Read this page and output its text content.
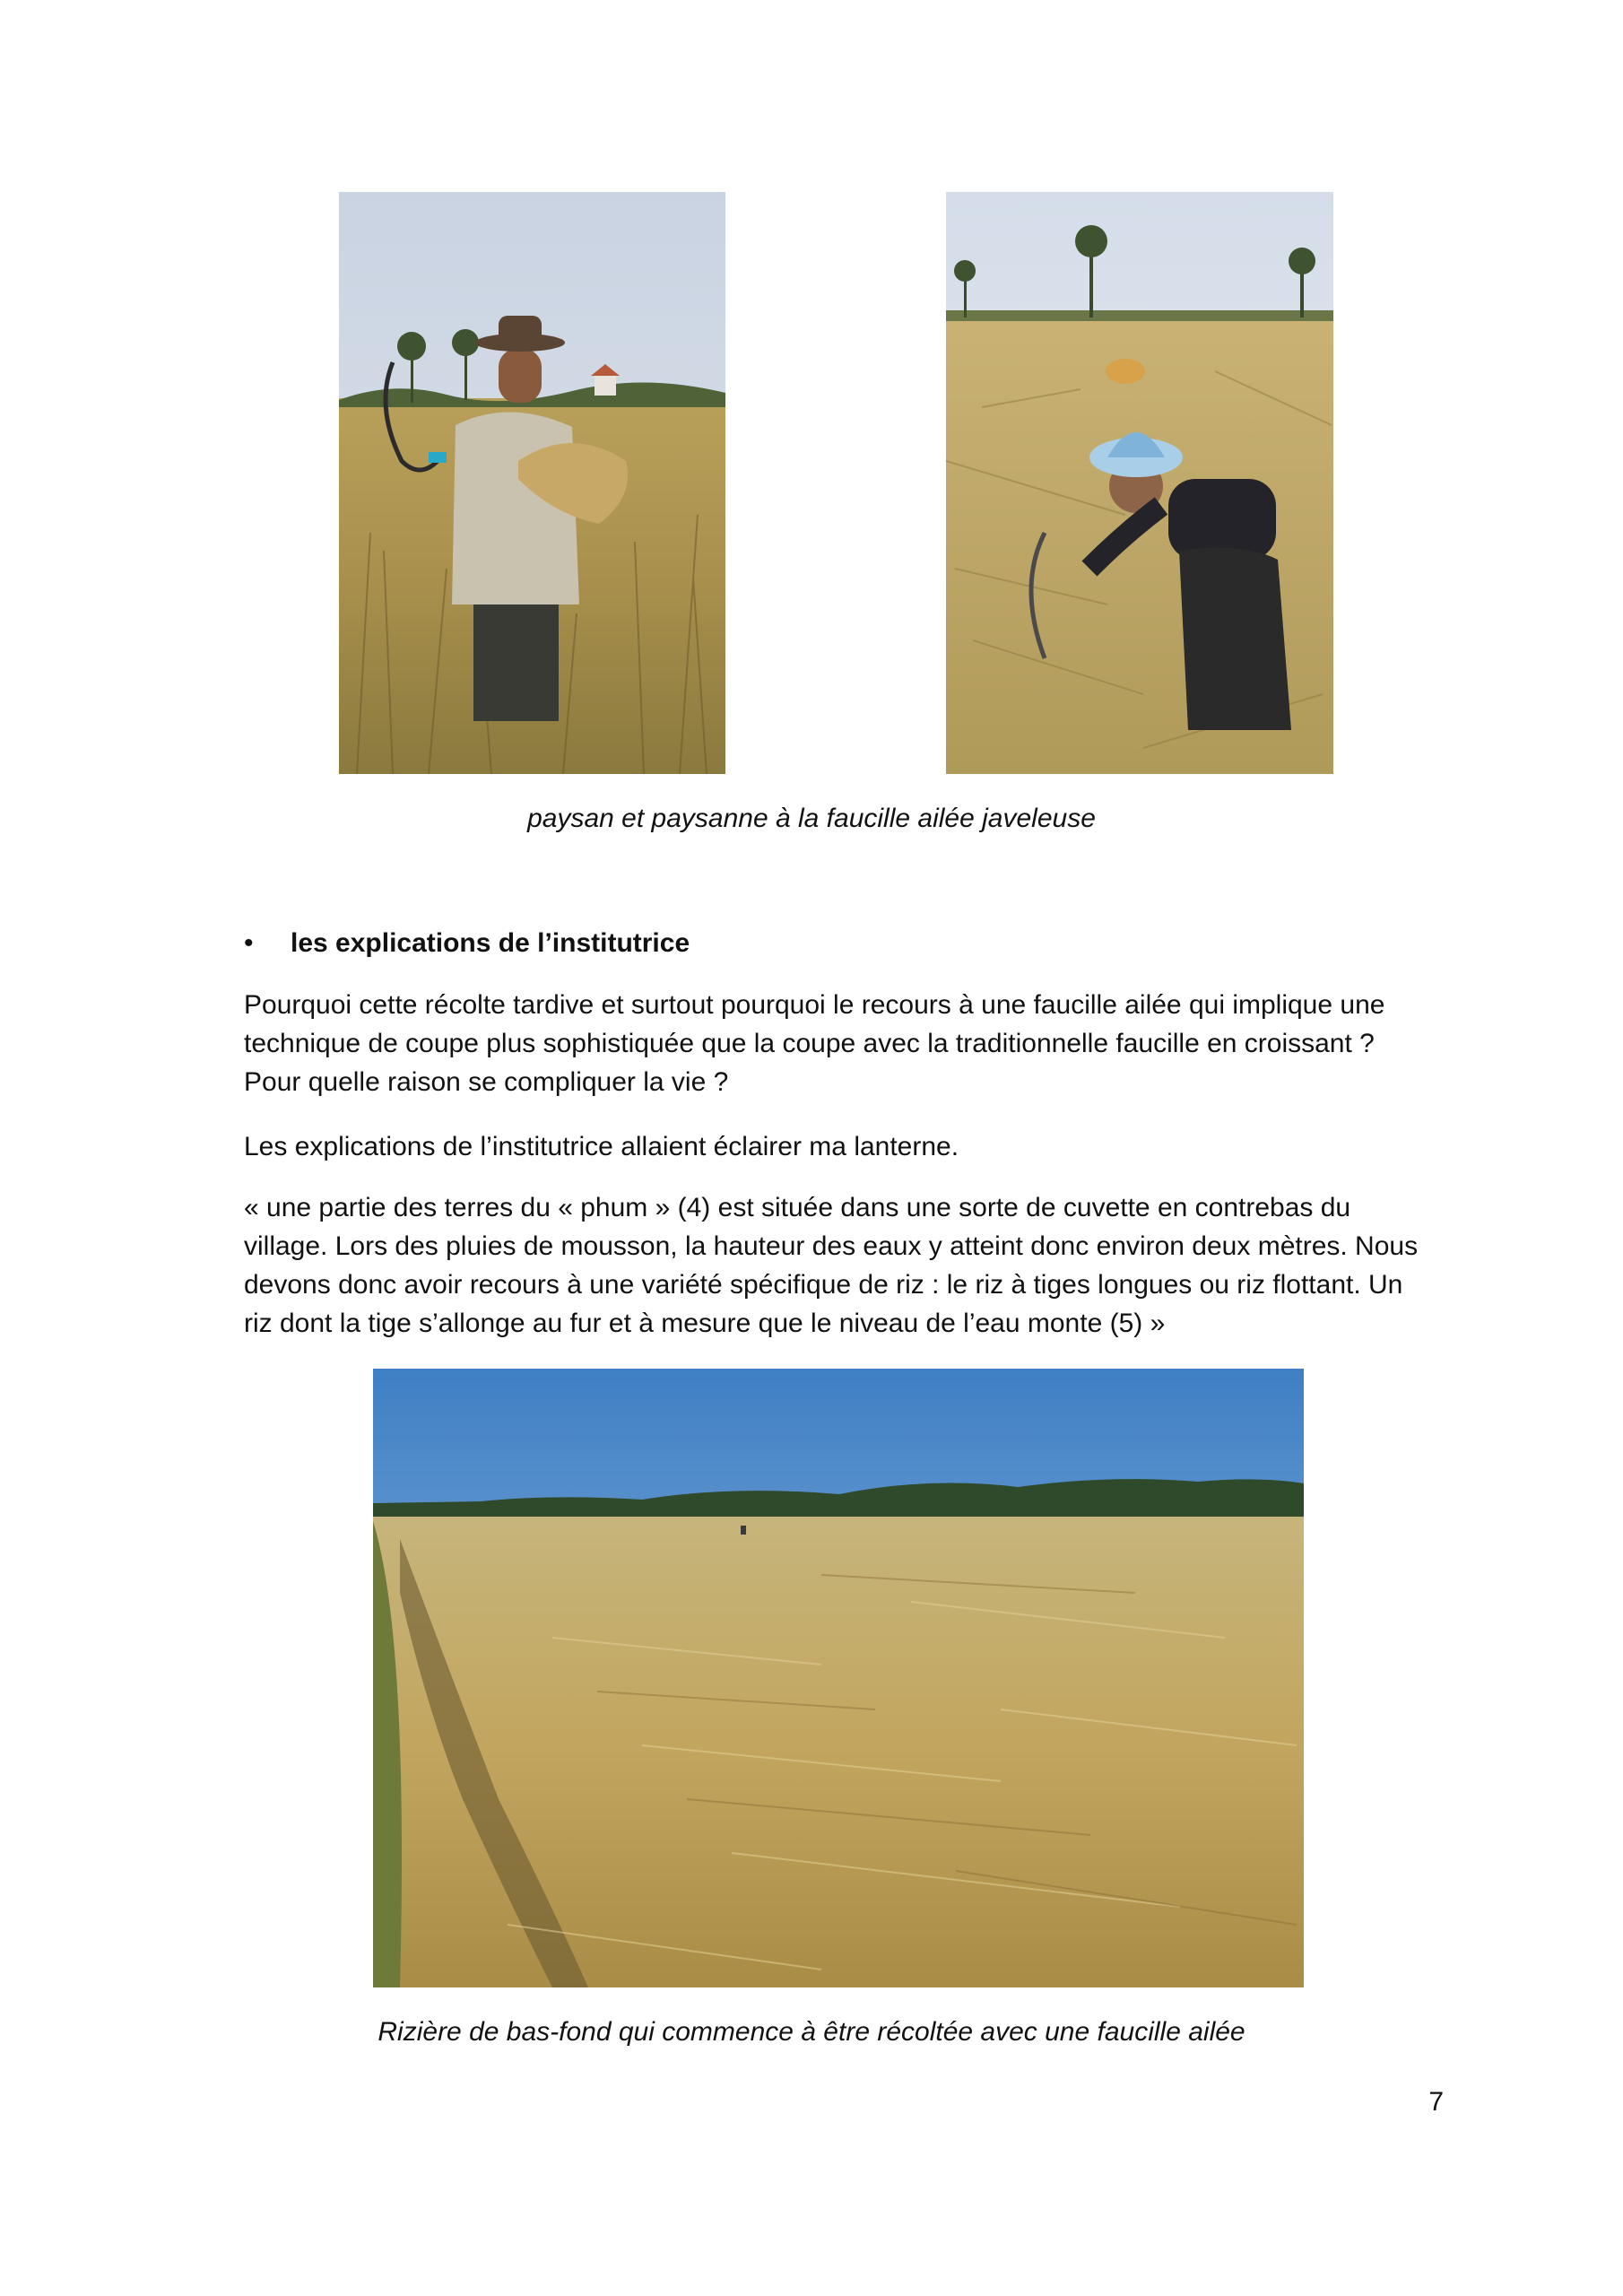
paysan et paysanne à la faucille ailée javeleuse
• les explications de l’institutrice
Pourquoi cette récolte tardive et surtout pourquoi le recours à une faucille ailée qui implique une
technique de coupe plus sophistiquée que la coupe avec la traditionnelle faucille en croissant ?
Pour quelle raison se compliquer la vie ?
Les explications de l’institutrice allaient éclairer ma lanterne.
« une partie des terres du « phum » (4) est située dans une sorte de cuvette en contrebas du
village. Lors des pluies de mousson, la hauteur des eaux y atteint donc environ deux mètres. Nous
devons donc avoir recours à une variété spécifique de riz : le riz à tiges longues ou riz flottant. Un
riz dont la tige s’allonge au fur et à mesure que le niveau de l’eau monte (5) »
Rizière de bas-fond qui commence à être récoltée avec une faucille ailée
7
